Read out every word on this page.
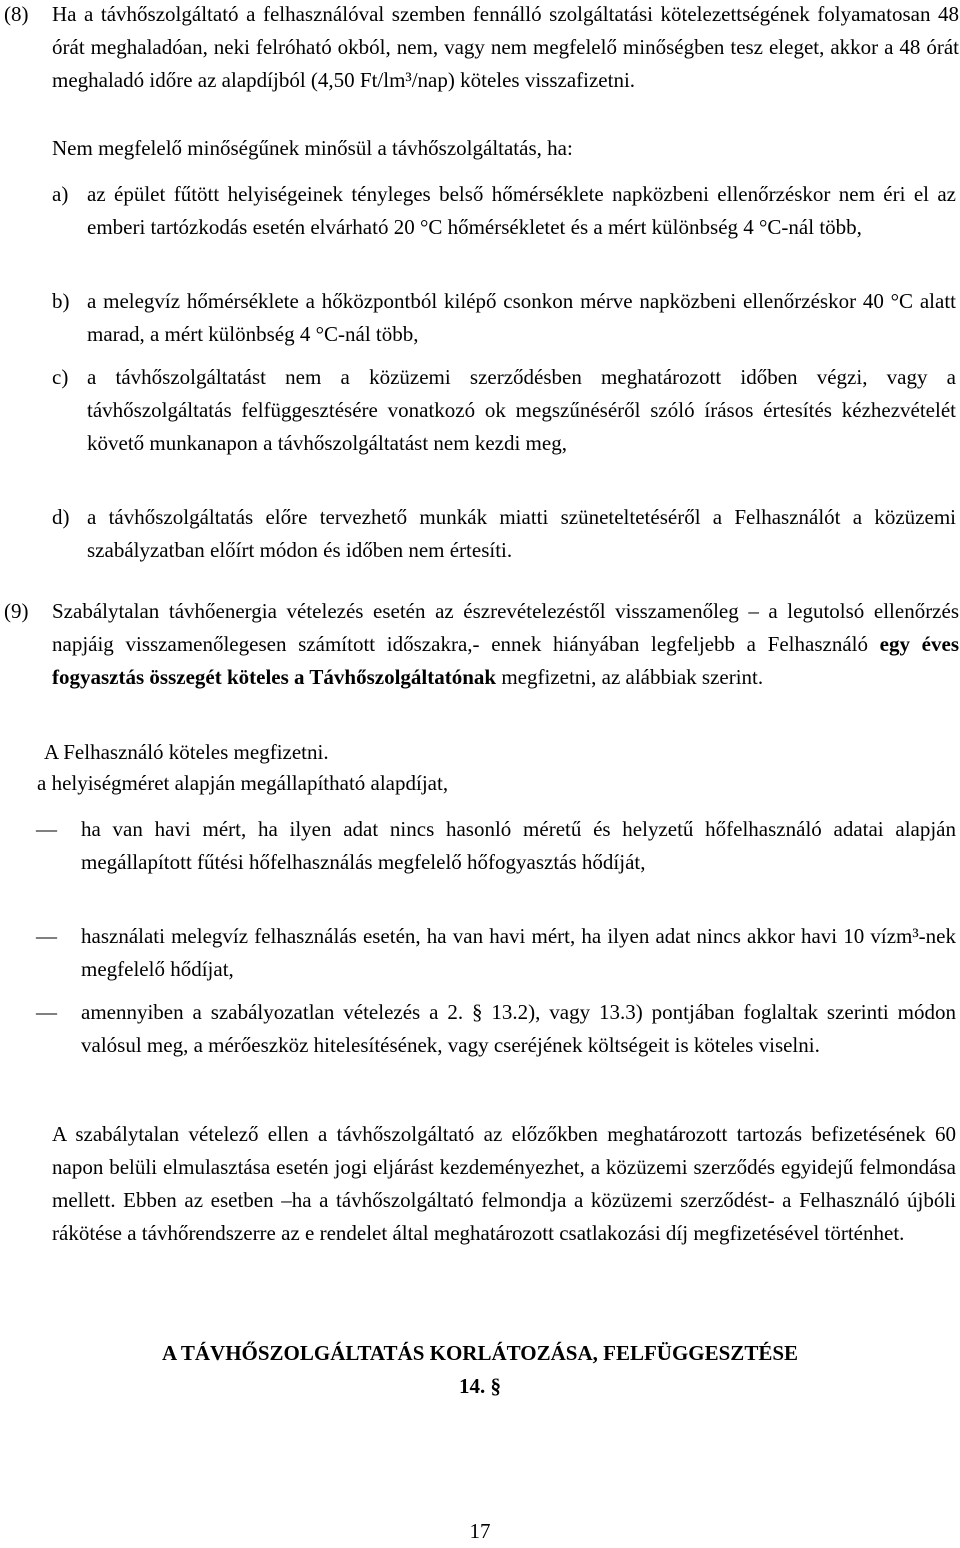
(8) Ha a távhőszolgáltató a felhasználóval szemben fennálló szolgáltatási kötelezettségének folyamatosan 48 órát meghaladóan, neki felróható okból, nem, vagy nem megfelelő minőségben tesz eleget, akkor a 48 órát meghaladó időre az alapdíjból (4,50 Ft/lm³/nap) köteles visszafizetni.

Nem megfelelő minőségűnek minősül a távhőszolgáltatás, ha:

a) az épület fűtött helyiségeinek tényleges belső hőmérséklete napközbeni ellenőrzéskor nem éri el az emberi tartózkodás esetén elvárható 20 °C hőmérsékletet és a mért különbség 4 °C-nál több,

b) a melegvíz hőmérséklete a hőközpontból kilépő csonkon mérve napközbeni ellenőrzéskor 40 °C alatt marad, a mért különbség 4 °C-nál több,

c) a távhőszolgáltatást nem a közüzemi szerződésben meghatározott időben végzi, vagy a távhőszolgáltatás felfüggesztésére vonatkozó ok megszűnéséről szóló írásos értesítés kézhezvételét követő munkanapon a távhőszolgáltatást nem kezdi meg,

d) a távhőszolgáltatás előre tervezhető munkák miatti szüneteltetéséről a Felhasználót a közüzemi szabályzatban előírt módon és időben nem értesíti.

(9) Szabálytalan távhőenergia vételezés esetén az észrevételezéstől visszamenőleg – a legutolsó ellenőrzés napjáig visszamenőlegesen számított időszakra,- ennek hiányában legfeljebb a Felhasználó egy éves fogyasztás összegét köteles a Távhőszolgáltatónak megfizetni, az alábbiak szerint.

A Felhasználó köteles megfizetni.

a helyiségméret alapján megállapítható alapdíjat,

— ha van havi mért, ha ilyen adat nincs hasonló méretű és helyzetű hőfelhasználó adatai alapján megállapított fűtési hőfelhasználás megfelelő hőfogyasztás hődíját,

— használati melegvíz felhasználás esetén, ha van havi mért, ha ilyen adat nincs akkor havi 10 vízm³-nek megfelelő hődíjat,

— amennyiben a szabályozatlan vételezés a 2. § 13.2), vagy 13.3) pontjában foglaltak szerinti módon valósul meg, a mérőeszköz hitelesítésének, vagy cseréjének költségeit is köteles viselni.

A szabálytalan vételező ellen a távhőszolgáltató az előzőkben meghatározott tartozás befizetésének 60 napon belüli elmulasztása esetén jogi eljárást kezdeményezhet, a közüzemi szerződés egyidejű felmondása mellett. Ebben az esetben –ha a távhőszolgáltató felmondja a közüzemi szerződést- a Felhasználó újbóli rákötése a távhőrendszerre az e rendelet által meghatározott csatlakozási díj megfizetésével történhet.

A TÁVHŐSZOLGÁLTATÁS KORLÁTOZÁSA, FELFÜGGESZTÉSE

14. §

17
